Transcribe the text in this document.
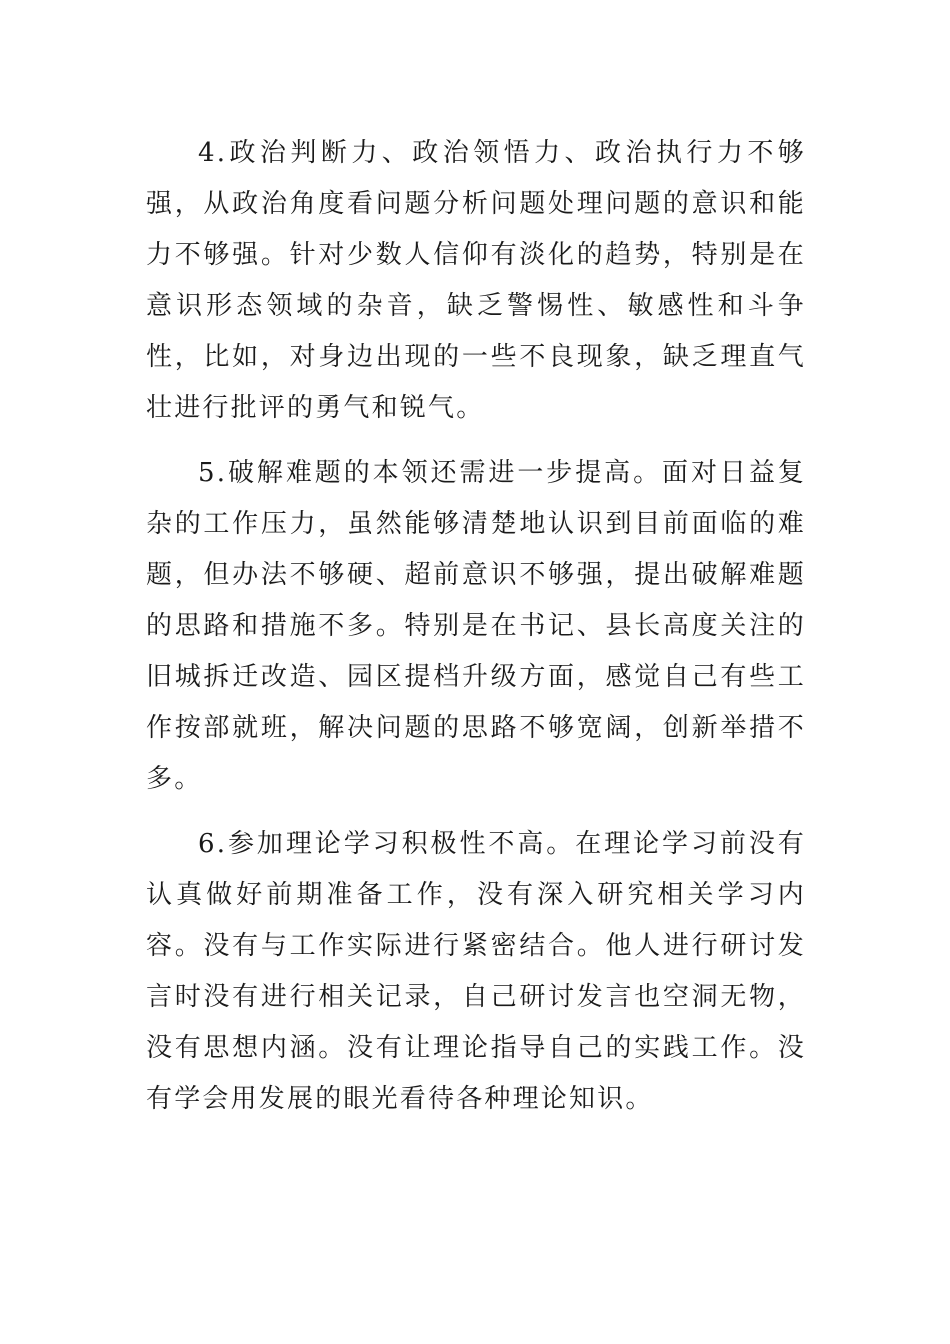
4.政治判断力、政治领悟力、政治执行力不够强，从政治角度看问题分析问题处理问题的意识和能力不够强。针对少数人信仰有淡化的趋势，特别是在意识形态领域的杂音，缺乏警惕性、敏感性和斗争性，比如，对身边出现的一些不良现象，缺乏理直气壮进行批评的勇气和锐气。

5.破解难题的本领还需进一步提高。面对日益复杂的工作压力，虽然能够清楚地认识到目前面临的难题，但办法不够硬、超前意识不够强，提出破解难题的思路和措施不多。特别是在书记、县长高度关注的旧城拆迁改造、园区提档升级方面，感觉自己有些工作按部就班，解决问题的思路不够宽阔，创新举措不多。

6.参加理论学习积极性不高。在理论学习前没有认真做好前期准备工作，没有深入研究相关学习内容。没有与工作实际进行紧密结合。他人进行研讨发言时没有进行相关记录，自己研讨发言也空洞无物，没有思想内涵。没有让理论指导自己的实践工作。没有学会用发展的眼光看待各种理论知识。
